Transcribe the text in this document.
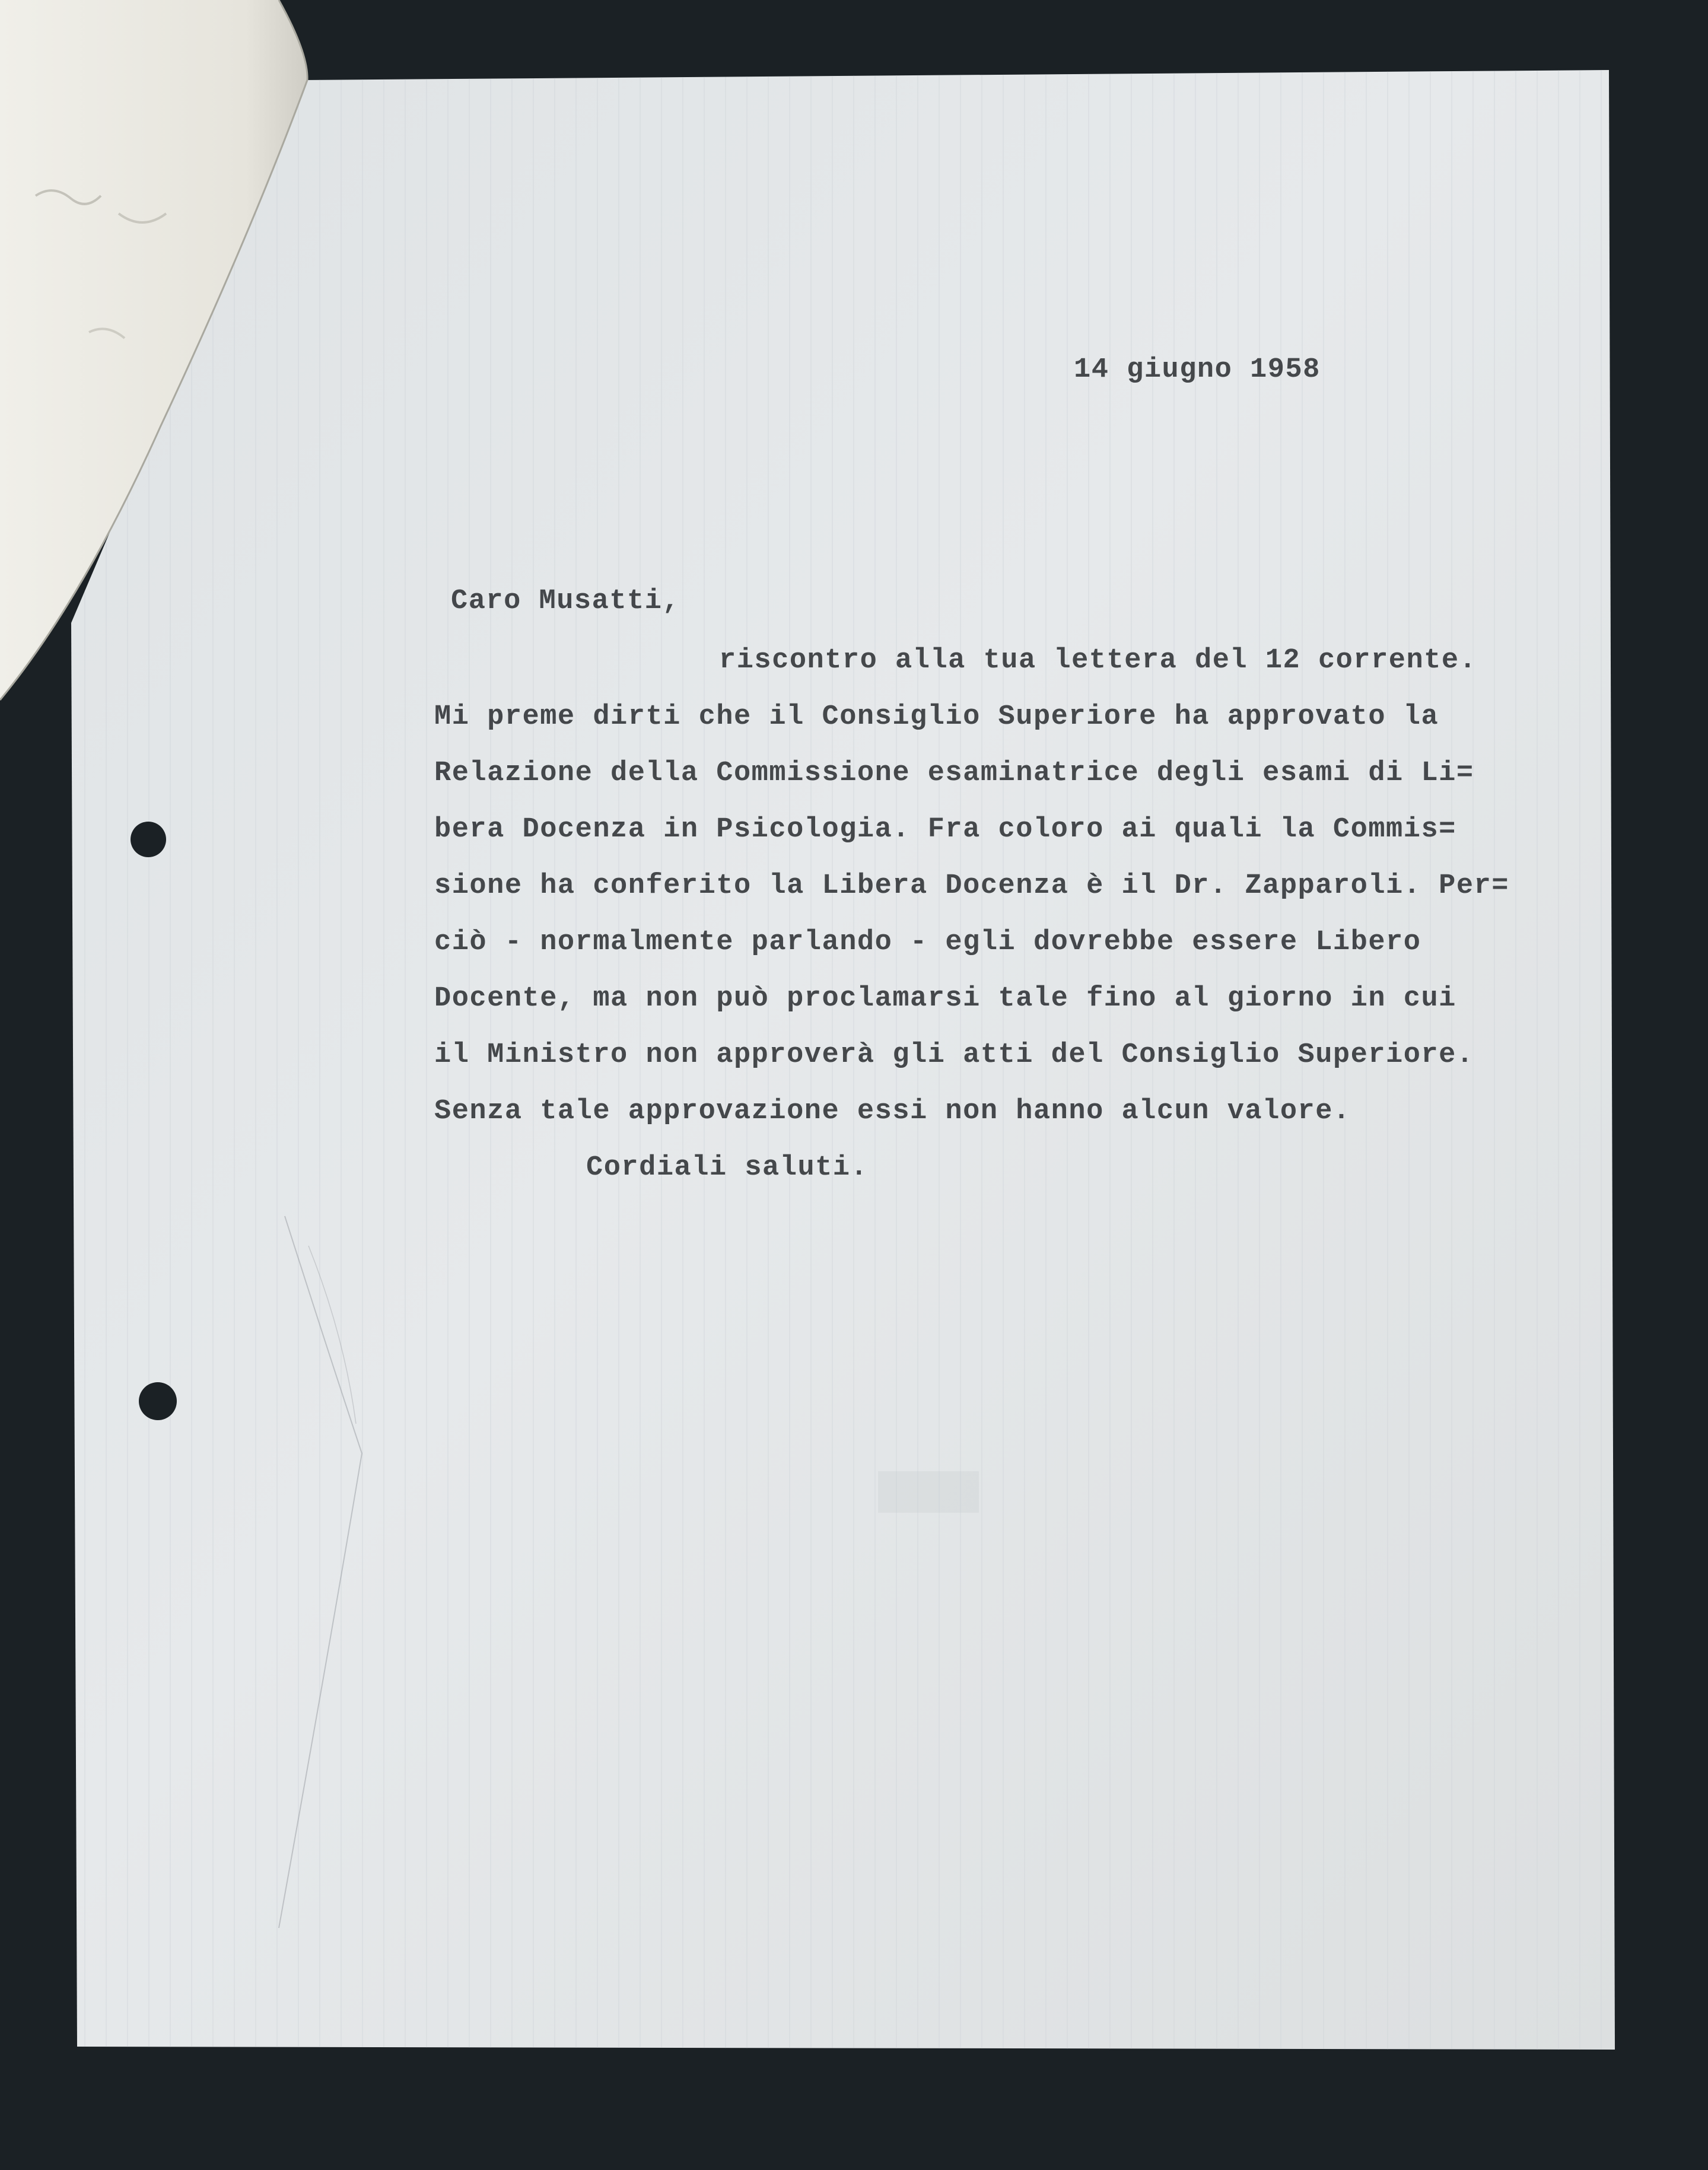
14 giugno 1958
Caro Musatti,
riscontro alla tua lettera del 12 corrente.
Mi preme dirti che il Consiglio Superiore ha approvato la
Relazione della Commissione esaminatrice degli esami di Li=
bera Docenza in Psicologia. Fra coloro ai quali la Commis=
sione ha conferito la Libera Docenza è il Dr. Zapparoli. Per=
ciò - normalmente parlando - egli dovrebbe essere Libero
Docente, ma non può proclamarsi tale fino al giorno in cui
il Ministro non approverà gli atti del Consiglio Superiore.
Senza tale approvazione essi non hanno alcun valore.
Cordiali saluti.
